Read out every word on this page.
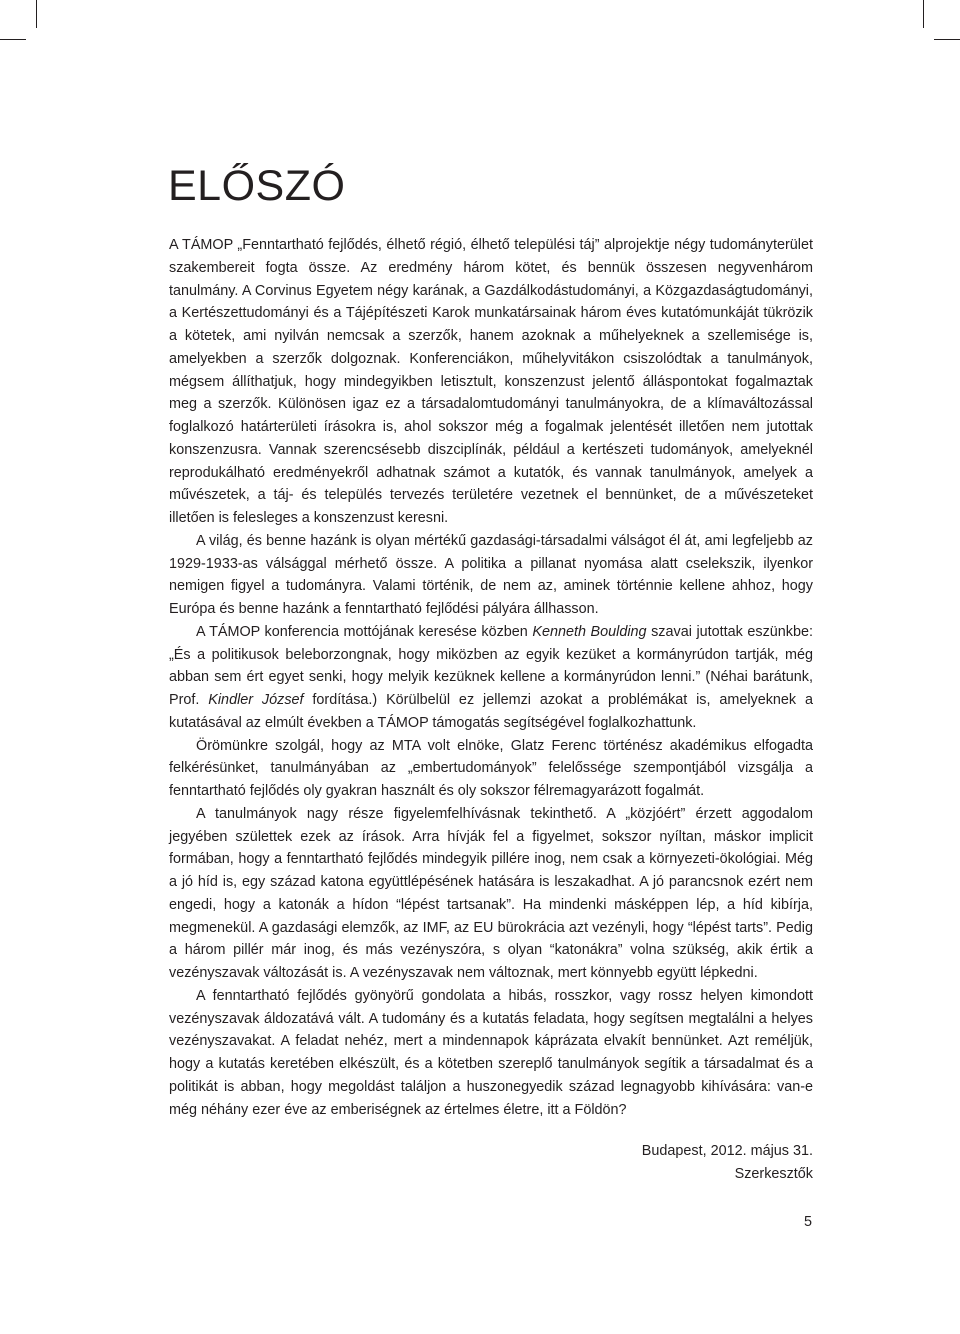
ELŐSZÓ

A TÁMOP „Fenntartható fejlődés, élhető régió, élhető települési táj” alprojektje négy tudományterület szakembereit fogta össze. Az eredmény három kötet, és bennük összesen negyvenhárom tanulmány. A Corvinus Egyetem négy karának, a Gazdálkodástudományi, a Közgazdaságtudományi, a Kertészettudományi és a Tájépítészeti Karok munkatársainak három éves kutatómunkáját tükrözik a kötetek, ami nyilván nemcsak a szerzők, hanem azoknak a műhelyeknek a szellemisége is, amelyekben a szerzők dolgoznak. Konferenciákon, műhelyvitákon csiszolódtak a tanulmányok, mégsem állíthatjuk, hogy mindegyikben letisztult, konszenzust jelentő álláspontokat fogalmaztak meg a szerzők. Különösen igaz ez a társadalomtudományi tanulmányokra, de a klímaváltozással foglalkozó határterületi írásokra is, ahol sokszor még a fogalmak jelentését illetően nem jutottak konszenzusra. Vannak szerencsésebb diszciplínák, például a kertészeti tudományok, amelyeknél reprodukálható eredményekről adhatnak számot a kutatók, és vannak tanulmányok, amelyek a művészetek, a táj- és település tervezés területére vezetnek el bennünket, de a művészeteket illetően is felesleges a konszenzust keresni.

A világ, és benne hazánk is olyan mértékű gazdasági-társadalmi válságot él át, ami legfeljebb az 1929-1933-as válsággal mérhető össze. A politika a pillanat nyomása alatt cselekszik, ilyenkor nemigen figyel a tudományra. Valami történik, de nem az, aminek történnie kellene ahhoz, hogy Európa és benne hazánk a fenntartható fejlődési pályára állhasson.

A TÁMOP konferencia mottójának keresése közben Kenneth Boulding szavai jutottak eszünkbe: „És a politikusok beleborzongnak, hogy miközben az egyik kezüket a kormányrúdon tartják, még abban sem ért egyet senki, hogy melyik kezüknek kellene a kormányrúdon lenni.” (Néhai barátunk, Prof. Kindler József fordítása.) Körülbelül ez jellemzi azokat a problémákat is, amelyeknek a kutatásával az elmúlt években a TÁMOP támogatás segítségével foglalkozhattunk.

Örömünkre szolgál, hogy az MTA volt elnöke, Glatz Ferenc történész akadémikus elfogadta felkérésünket, tanulmányában az „embertudományok” felelőssége szempontjából vizsgálja a fenntartható fejlődés oly gyakran használt és oly sokszor félremagyarázott fogalmát.

A tanulmányok nagy része figyelemfelhívásnak tekinthető. A „közjóért” érzett aggodalom jegyében születtek ezek az írások. Arra hívják fel a figyelmet, sokszor nyíltan, máskor implicit formában, hogy a fenntartható fejlődés mindegyik pillére inog, nem csak a környezeti-ökológiai. Még a jó híd is, egy század katona együttlépésének hatására is leszakadhat. A jó parancsnok ezért nem engedi, hogy a katonák a hídon “lépést tartsanak”. Ha mindenki másképpen lép, a híd kibírja, megmenekül. A gazdasági elemzők, az IMF, az EU bürokrácia azt vezényli, hogy “lépést tarts”. Pedig a három pillér már inog, és más vezényszóra, s olyan “katonákra” volna szükség, akik értik a vezényszavak változását is. A vezényszavak nem változnak, mert könnyebb együtt lépkedni.

A fenntartható fejlődés gyönyörű gondolata a hibás, rosszkor, vagy rossz helyen kimondott vezényszavak áldozatává vált. A tudomány és a kutatás feladata, hogy segítsen megtalálni a helyes vezényszavakat. A feladat nehéz, mert a mindennapok káprázata elvakít bennünket. Azt reméljük, hogy a kutatás keretében elkészült, és a kötetben szereplő tanulmányok segítik a társadalmat és a politikát is abban, hogy megoldást találjon a huszonegyedik század legnagyobb kihívására: van-e még néhány ezer éve az emberiségnek az értelmes életre, itt a Földön?

Budapest, 2012. május 31.
Szerkesztők
5
